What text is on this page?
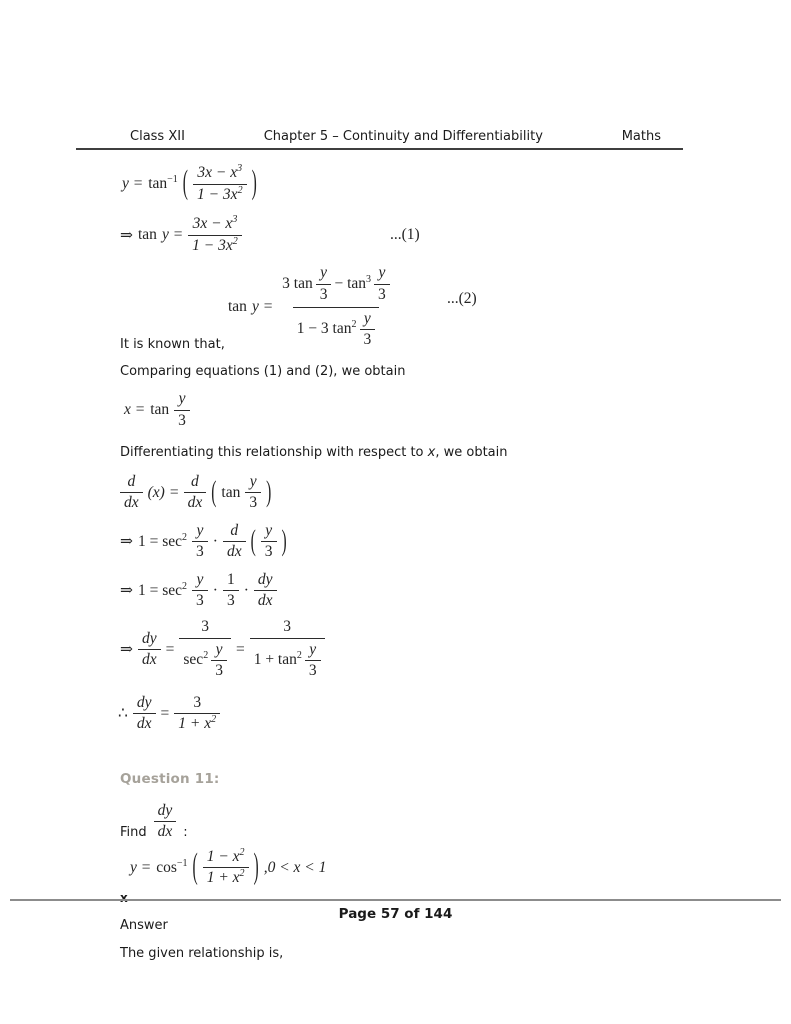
Class XII	Chapter 5 – Continuity and Differentiability	Maths
$y = \tan^{-1}$ ( $\frac{3x - x^3}{1 - 3x^2}$ )
⇒ $\tan y = \frac{3x - x^3}{1 - 3x^2}$	...(1)
tan y =
3 $\tan \frac{y}{3} - \tan^3 \frac{y}{3}$
1 − 3 $\tan^2 \frac{y}{3}$
...(2)

It is known that,

Comparing equations (1) and (2), we obtain

$x = \tan \frac{y}{3}$

Differentiating this relationship with respect to x, we obtain

$\frac{d}{dx} (x) = \frac{d}{dx}$ ( $\tan \frac{y}{3}$ )
⇒ $1 = \sec^2 \frac{y}{3} \cdot \frac{d}{dx}$ ( $\frac{y}{3}$ )
⇒ $1 = \sec^2 \frac{y}{3} \cdot \frac{1}{3} \cdot \frac{dy}{dx}$
⇒ $\frac{dy}{dx} = \frac{3}{\sec^2 \frac{y}{3}} = \frac{3}{1 + \tan^2 \frac{y}{3}}$
∴ $\frac{dy}{dx} = \frac{3}{1 + x^2}$

Question 11:

Find $\frac{dy}{dx}$ :
$y = \cos^{-1}$ ( $\frac{1 - x^2}{1 + x^2}$ ) ,0 < x < 1

x

Answer

The given relationship is,

Page 57 of 144
